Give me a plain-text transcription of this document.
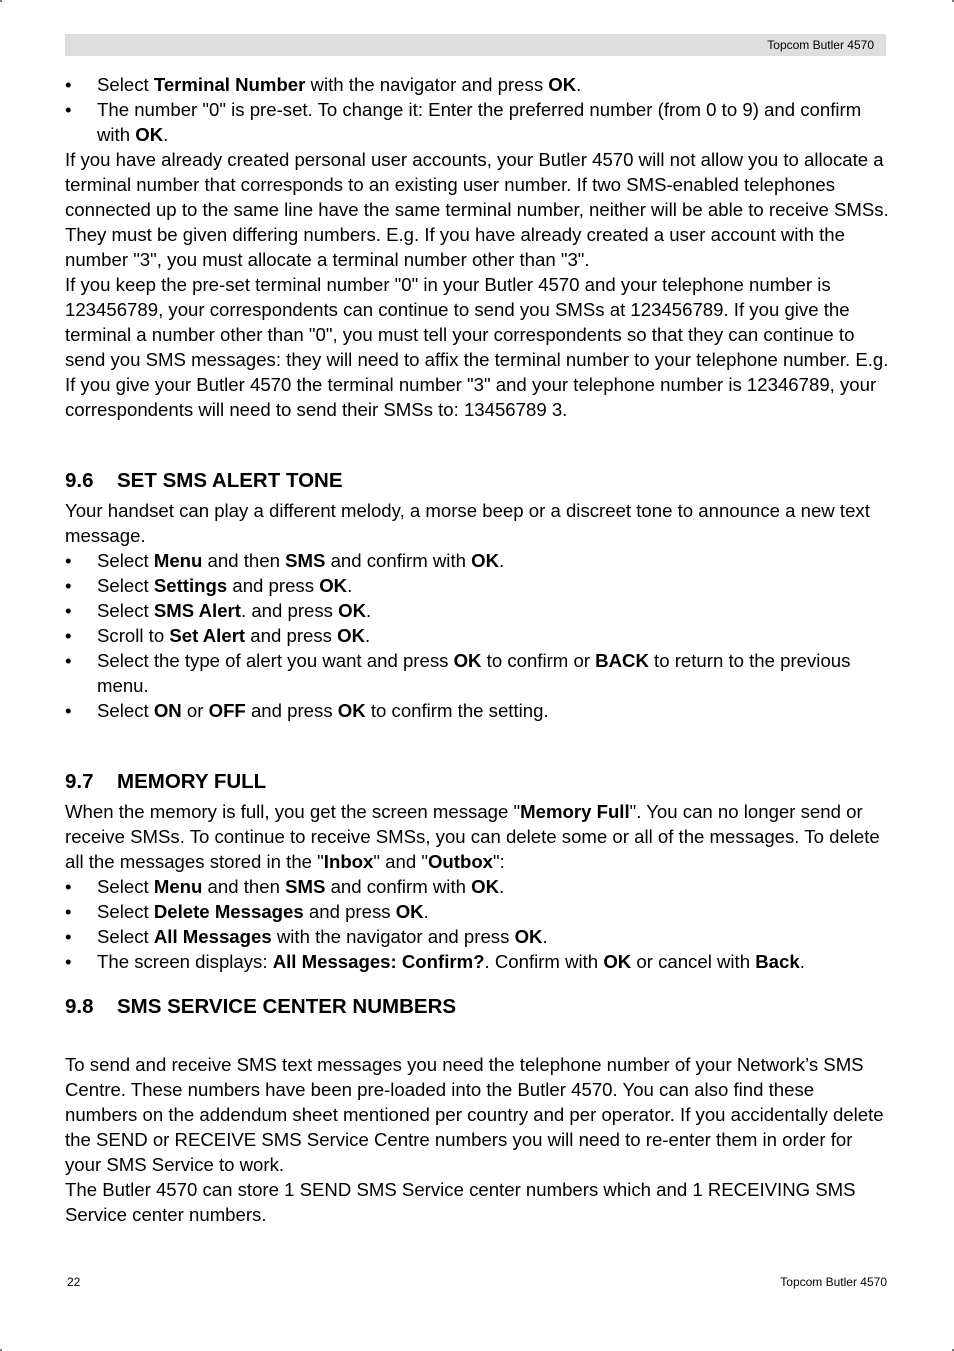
Topcom Butler 4570
• Select Terminal Number with the navigator and press OK.
• The number "0" is pre-set. To change it: Enter the preferred number (from 0 to 9) and confirm with OK.

If you have already created personal user accounts, your Butler 4570 will not allow you to allocate a terminal number that corresponds to an existing user number. If two SMS-enabled telephones connected up to the same line have the same terminal number, neither will be able to receive SMSs. They must be given differing numbers. E.g. If you have already created a user account with the number "3", you must allocate a terminal number other than "3".

If you keep the pre-set terminal number "0" in your Butler 4570 and your telephone number is 123456789, your correspondents can continue to send you SMSs at 123456789. If you give the terminal a number other than "0", you must tell your correspondents so that they can continue to send you SMS messages: they will need to affix the terminal number to your telephone number. E.g. If you give your Butler 4570 the terminal number "3" and your telephone number is 12346789, your correspondents will need to send their SMSs to: 13456789 3.

9.6	SET SMS ALERT TONE

Your handset can play a different melody, a morse beep or a discreet tone to announce a new text message.

• Select Menu and then SMS and confirm with OK.
• Select Settings and press OK.
• Select SMS Alert. and press OK.
• Scroll to Set Alert and press OK.
• Select the type of alert you want and press OK to confirm or BACK to return to the previous menu.
• Select ON or OFF and press OK to confirm the setting.
9.7	MEMORY FULL

When the memory is full, you get the screen message "Memory Full". You can no longer send or receive SMSs. To continue to receive SMSs, you can delete some or all of the messages. To delete all the messages stored in the "Inbox" and "Outbox":

• Select Menu and then SMS and confirm with OK.
• Select Delete Messages and press OK.
• Select All Messages with the navigator and press OK.
• The screen displays: All Messages: Confirm?. Confirm with OK or cancel with Back.
9.8	SMS SERVICE CENTER NUMBERS

To send and receive SMS text messages you need the telephone number of your Network’s SMS Centre. These numbers have been pre-loaded into the Butler 4570. You can also find these numbers on the addendum sheet mentioned per country and per operator. If you accidentally delete the SEND or RECEIVE SMS Service Centre numbers you will need to re-enter them in order for your SMS Service to work.

The Butler 4570 can store 1 SEND SMS Service center numbers which and 1 RECEIVING SMS Service center numbers.

22	Topcom Butler 4570
